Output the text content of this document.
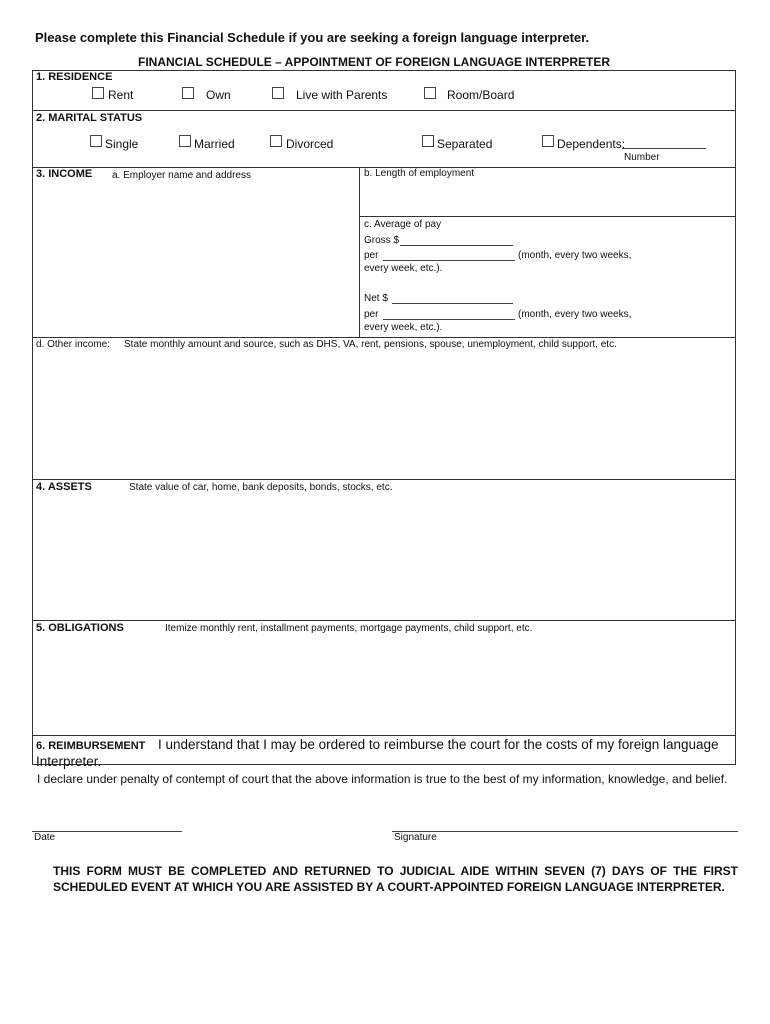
Please complete this Financial Schedule if you are seeking a foreign language interpreter.
FINANCIAL SCHEDULE – APPOINTMENT OF FOREIGN LANGUAGE INTERPRETER
1. RESIDENCE
Rent	Own	Live with Parents	Room/Board
2. MARITAL STATUS
Single	Married	Divorced	Separated	Dependents:
Number
3. INCOME a. Employer name and address	b. Length of employment
c. Average of pay
Gross $
per	(month, every two weeks,
every week, etc.).
Net $
per	(month, every two weeks,
every week, etc.).
d. Other income: State monthly amount and source, such as DHS, VA, rent, pensions, spouse, unemployment, child support, etc.
4. ASSETS	State value of car, home, bank deposits, bonds, stocks, etc.
5. OBLIGATIONS	Itemize monthly rent, installment payments, mortgage payments, child support, etc.
6. REIMBURSEMENT I understand that I may be ordered to reimburse the court for the costs of my foreign language
Interpreter.
I declare under penalty of contempt of court that the above information is true to the best of my information, knowledge, and belief.
Date	Signature
THIS FORM MUST BE COMPLETED AND RETURNED TO JUDICIAL AIDE WITHIN SEVEN (7) DAYS OF THE FIRST SCHEDULED EVENT AT WHICH YOU ARE ASSISTED BY A COURT-APPOINTED FOREIGN LANGUAGE INTERPRETER.
